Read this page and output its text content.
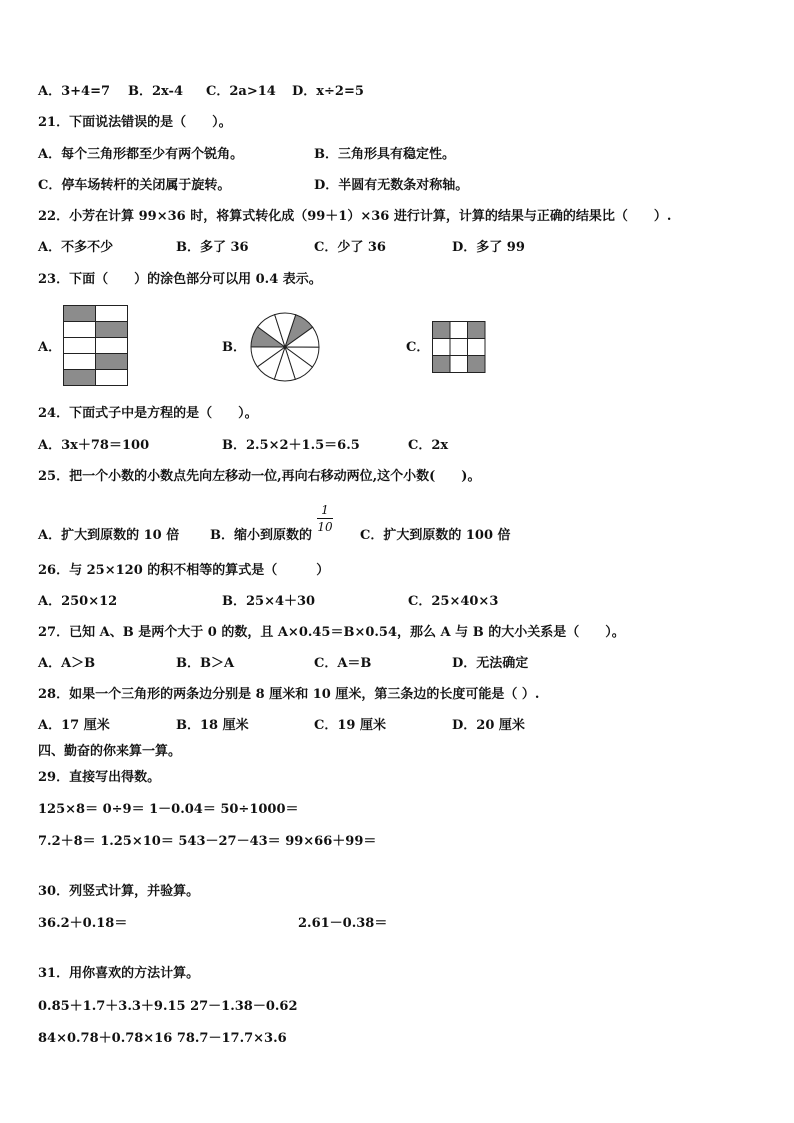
A．3+4=7 B．2x-4 C．2a>14 D．x÷2=5
21．下面说法错误的是（　　）。
A．每个三角形都至少有两个锐角。	B．三角形具有稳定性。
C．停车场转杆的关闭属于旋转。	D．半圆有无数条对称轴。
22．小芳在计算 99×36 时，将算式转化成（99＋1）×36 进行计算，计算的结果与正确的结果比（　　）.
A．不多不少	B．多了 36	C．少了 36	D．多了 99
23．下面（　　）的涂色部分可以用 0.4 表示。
A．	B．	C．
24．下面式子中是方程的是（　　）。
A．3x＋78＝100	B．2.5×2＋1.5＝6.5	C．2x
25．把一个小数的小数点先向左移动一位,再向右移动两位,这个小数(　　)。
A．扩大到原数的 10 倍 B．缩小到原数的
1
10
C．扩大到原数的 100 倍
26．与 25×120 的积不相等的算式是（　　　）
A．250×12	B．25×4＋30	C．25×40×3
27．已知 A、B 是两个大于 0 的数，且 A×0.45＝B×0.54，那么 A 与 B 的大小关系是（　　）。
A．A＞B	B．B＞A	C．A＝B	D．无法确定
28．如果一个三角形的两条边分别是 8 厘米和 10 厘米，第三条边的长度可能是（ ）.
A．17 厘米	B．18 厘米	C．19 厘米	D．20 厘米
四、勤奋的你来算一算。
29．直接写出得数。
125×8＝ 0÷9＝ 1－0.04＝ 50÷1000＝
7.2＋8＝ 1.25×10＝ 543－27－43＝ 99×66＋99＝
30．列竖式计算，并验算。
36.2＋0.18＝	2.61－0.38＝
31．用你喜欢的方法计算。
0.85＋1.7＋3.3＋9.15 27－1.38－0.62
84×0.78＋0.78×16 78.7－17.7×3.6
